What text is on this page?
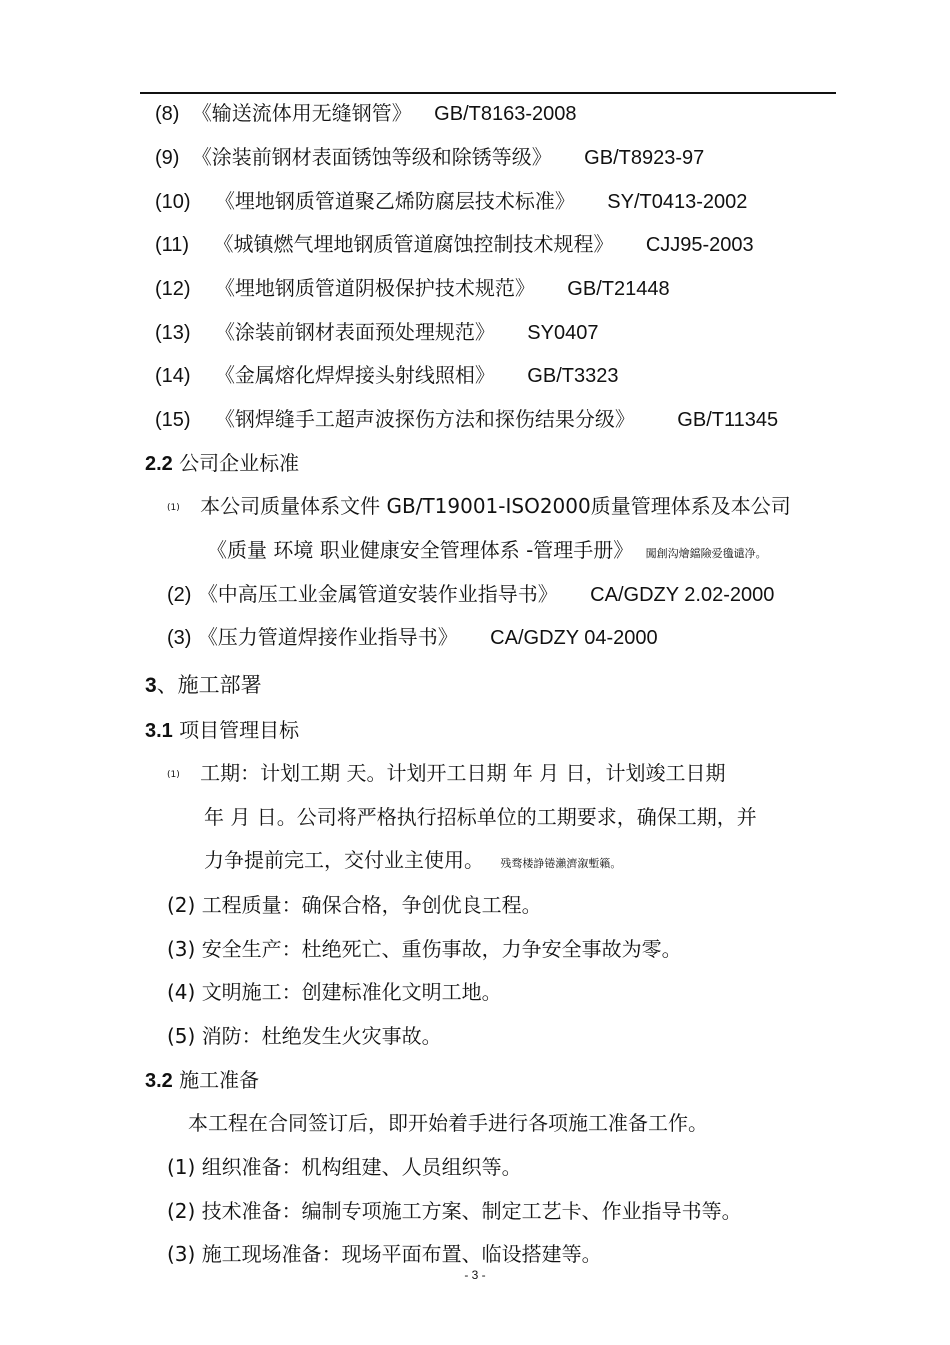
(8) 《输送流体用无缝钢管》 GB/T8163-2008
(9) 《涂装前钢材表面锈蚀等级和除锈等级》 GB/T8923-97
(10) 《埋地钢质管道聚乙烯防腐层技术标准》 SY/T0413-2002
(11) 《城镇燃气埋地钢质管道腐蚀控制技术规程》 CJJ95-2003
(12) 《埋地钢质管道阴极保护技术规范》 GB/T21448
(13) 《涂装前钢材表面预处理规范》 SY0407
(14) 《金属熔化焊焊接头射线照相》 GB/T3323
(15) 《钢焊缝手工超声波探伤方法和探伤结果分级》 GB/T11345
2.2 公司企业标准
(1) 本公司质量体系文件 GB/T19001-ISO2000质量管理体系及本公司
《质量 环境 职业健康安全管理体系 -管理手册》 闖創沟燴鐺險爱氇谴净。
(2) 《中高压工业金属管道安装作业指导书》 CA/GDZY 2.02-2000
(3) 《压力管道焊接作业指导书》 CA/GDZY 04-2000
3、施工部署
3.1 项目管理目标
(1) 工期：计划工期 天。计划开工日期 年 月 日，计划竣工日期
年 月 日。公司将严格执行招标单位的工期要求，确保工期，并
力争提前完工，交付业主使用。 残骛楼諍锩瀨濟溆塹籟。
(2) 工程质量：确保合格，争创优良工程。
(3) 安全生产：杜绝死亡、重伤事故，力争安全事故为零。
(4) 文明施工：创建标准化文明工地。
(5) 消防：杜绝发生火灾事故。
3.2 施工准备
本工程在合同签订后，即开始着手进行各项施工准备工作。
(1) 组织准备：机构组建、人员组织等。
(2) 技术准备：编制专项施工方案、制定工艺卡、作业指导书等。
(3) 施工现场准备：现场平面布置、临设搭建等。
- 3 -
